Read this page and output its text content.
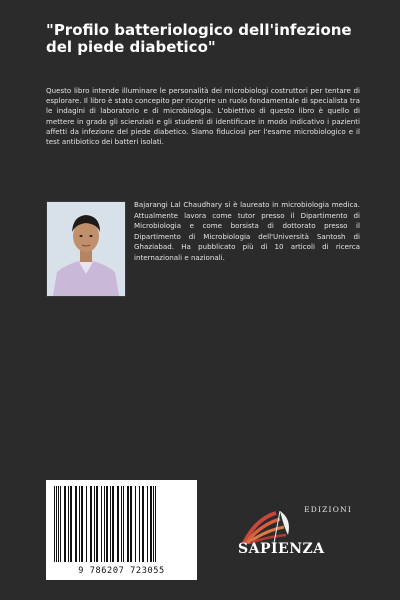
"Profilo batteriologico dell'infezione del piede diabetico"

Questo libro intende illuminare le personalità dei microbiologi costruttori per tentare di esplorare. Il libro è stato concepito per ricoprire un ruolo fondamentale di specialista tra le indagini di laboratorio e di microbiologia. L'obiettivo di questo libro è quello di mettere in grado gli scienziati e gli studenti di identificare in modo indicativo i pazienti affetti da infezione del piede diabetico. Siamo fiduciosi per l'esame microbiologico e il test antibiotico dei batteri isolati.

Bajarangi Lal Chaudhary si è laureato in microbiologia medica. Attualmente lavora come tutor presso il Dipartimento di Microbiologia e come borsista di dottorato presso il Dipartimento di Microbiologia dell'Università Santosh di Ghaziabad. Ha pubblicato più di 10 articoli di ricerca internazionali e nazionali.

9 786207 723055
EDIZIONI
SAPIENZA
